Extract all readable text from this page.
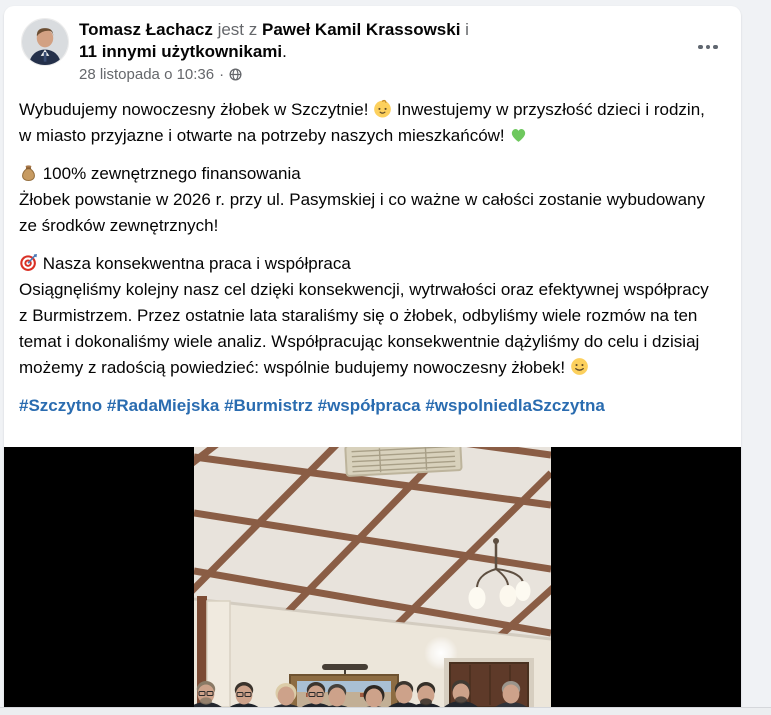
Tomasz Łachacz jest z Paweł Kamil Krassowski i
11 innymi użytkownikami.
28 listopada o 10:36 ·

Wybudujemy nowoczesny żłobek w Szczytnie!
Inwestujemy w przyszłość dzieci i rodzin, w miasto przyjazne i otwarte na potrzeby naszych mieszkańców!

100% zewnętrznego finansowania
Żłobek powstanie w 2026 r. przy ul. Pasymskiej i co ważne w całości zostanie wybudowany ze środków zewnętrznych!

Nasza konsekwentna praca i współpraca
Osiągnęliśmy kolejny nasz cel dzięki konsekwencji, wytrwałości oraz efektywnej współpracy z Burmistrzem. Przez ostatnie lata staraliśmy się o żłobek, odbyliśmy wiele rozmów na ten temat i dokonaliśmy wiele analiz. Współpracując konsekwentnie dążyliśmy do celu i dzisiaj możemy z radością powiedzieć: wspólnie budujemy nowoczesny żłobek!

#Szczytno #RadaMiejska #Burmistrz #współpraca #wspolniedlaSzczytna
